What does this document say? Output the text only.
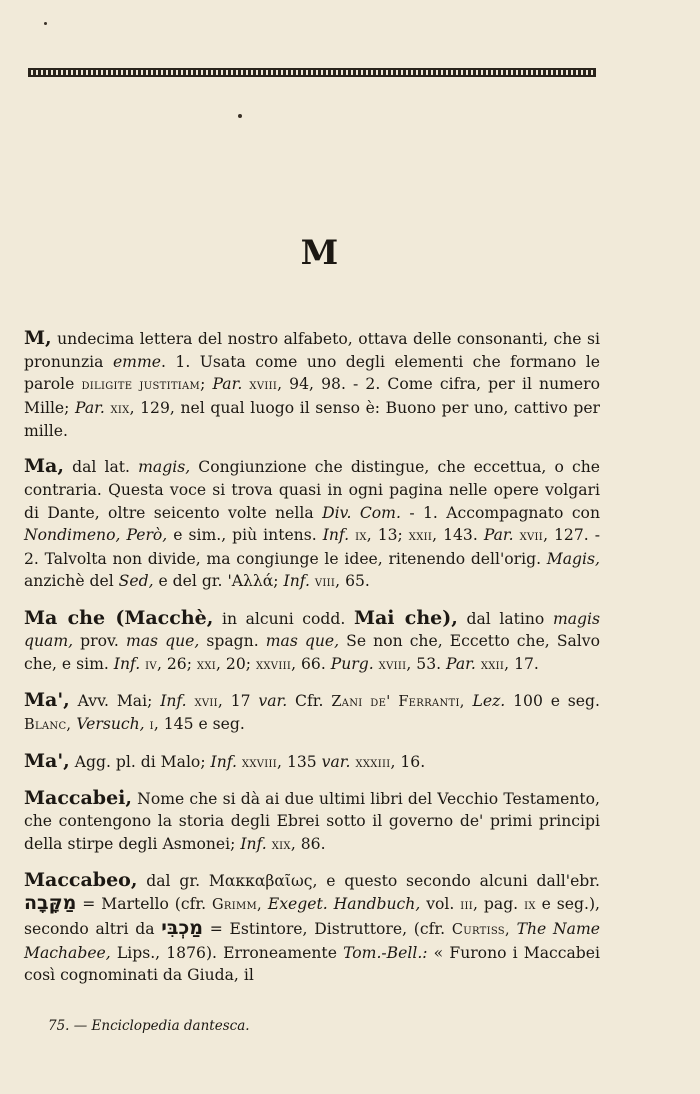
M

M, undecima lettera del nostro alfabeto, ottava delle consonanti, che si pronunzia emme. 1. Usata come uno degli elementi che formano le parole diligite justitiam; Par. xviii, 94, 98. - 2. Come cifra, per il numero Mille; Par. xix, 129, nel qual luogo il senso è: Buono per uno, cattivo per mille.

Ma, dal lat. magis, Congiunzione che distingue, che eccettua, o che contraria. Questa voce si trova quasi in ogni pagina nelle opere volgari di Dante, oltre seicento volte nella Div. Com. - 1. Accompagnato con Nondimeno, Però, e sim., più intens. Inf. ix, 13; xxii, 143. Par. xvii, 127. - 2. Talvolta non divide, ma congiunge le idee, ritenendo dell'orig. Magis, anzichè del Sed, e del gr. 'Αλλά; Inf. viii, 65.

Ma che (Macchè, in alcuni codd. Mai che), dal latino magis quam, prov. mas que, spagn. mas que, Se non che, Eccetto che, Salvo che, e sim. Inf. iv, 26; xxi, 20; xxviii, 66. Purg. xviii, 53. Par. xxii, 17.

Ma', Avv. Mai; Inf. xvii, 17 var. Cfr. Zani de' Ferranti, Lez. 100 e seg. Blanc, Versuch, i, 145 e seg.

Ma', Agg. pl. di Malo; Inf. xxviii, 135 var. xxxiii, 16.

Maccabei, Nome che si dà ai due ultimi libri del Vecchio Testamento, che contengono la storia degli Ebrei sotto il governo de' primi principi della stirpe degli Asmonei; Inf. xix, 86.

Maccabeo, dal gr. Μακκαβαῖως, e questo secondo alcuni dall'ebr. מַקָּבָה = Martello (cfr. Grimm, Exeget. Handbuch, vol. iii, pag. ix e seg.), secondo altri da מַכְבִּי = Estintore, Distruttore, (cfr. Curtiss, The Name Machabee, Lips., 1876). Erroneamente Tom.-Bell.: « Furono i Maccabei così cognominati da Giuda, il

75. — Enciclopedia dantesca.
